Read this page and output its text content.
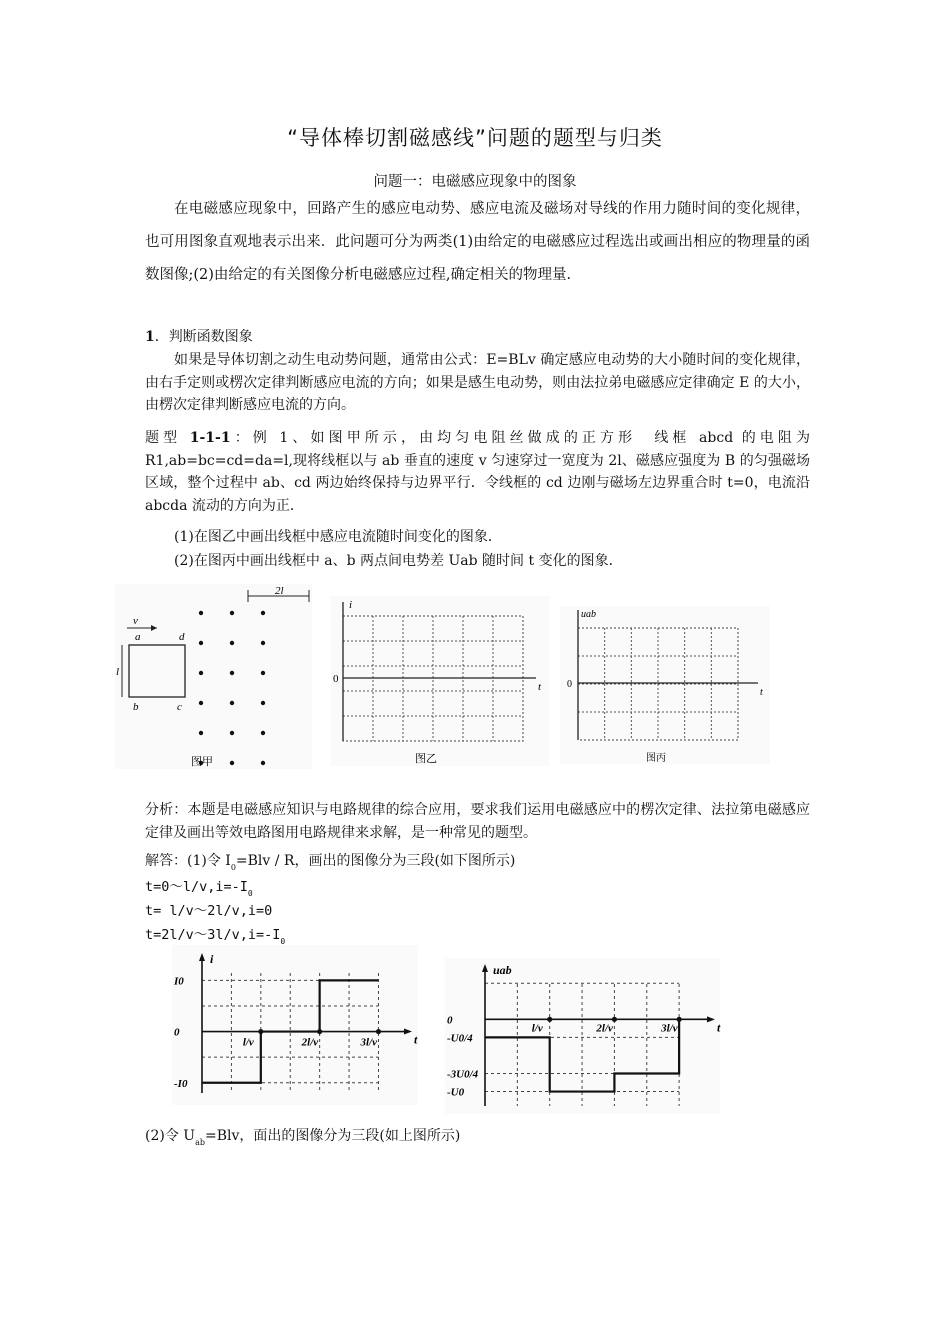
“导体棒切割磁感线”问题的题型与归类
问题一：电磁感应现象中的图象
在电磁感应现象中，回路产生的感应电动势、感应电流及磁场对导线的作用力随时间的变化规律，也可用图象直观地表示出来．此问题可分为两类(1)由给定的电磁感应过程选出或画出相应的物理量的函数图像;(2)由给定的有关图像分析电磁感应过程,确定相关的物理量.
1．判断函数图象
如果是导体切割之动生电动势问题，通常由公式：E=BLv 确定感应电动势的大小随时间的变化规律，由右手定则或楞次定律判断感应电流的方向；如果是感生电动势，则由法拉弟电磁感应定律确定 E 的大小，由楞次定律判断感应电流的方向。
题型 1-1-1：例 1、如图甲所示，由均匀电阻丝做成的正方形　线框 abcd 的电阻为 R1,ab=bc=cd=da=l,现将线框以与 ab 垂直的速度 v 匀速穿过一宽度为 2l、磁感应强度为 B 的匀强磁场区域，整个过程中 ab、cd 两边始终保持与边界平行．令线框的 cd 边刚与磁场左边界重合时 t=0，电流沿 abcda 流动的方向为正．
(1)在图乙中画出线框中感应电流随时间变化的图象．
(2)在图丙中画出线框中 a、b 两点间电势差 Uab 随时间 t 变化的图象．
2l
v
l
a	d
b	c
图甲
i
t
0
图乙
uab
t
0
图丙
分析：本题是电磁感应知识与电路规律的综合应用，要求我们运用电磁感应中的楞次定律、法拉第电磁感应定律及画出等效电路图用电路规律来求解，是一种常见的题型。
解答：(1)令 $I_0=Blv / R$，画出的图像分为三段(如下图所示)
$t=0\sim l/v,i=-I_0$
t= l/v～2l/v,i=0
$t=2l/v\sim 3l/v,i=-I_0$
i
t
l/v	2l/v	3l/v
I0
0
-I0
uab
t
l/v	2l/v	3l/v
0
-U0/4
-3U0/4
-U0
(2)令 $U_{ab}=Blv$，面出的图像分为三段(如上图所示)
